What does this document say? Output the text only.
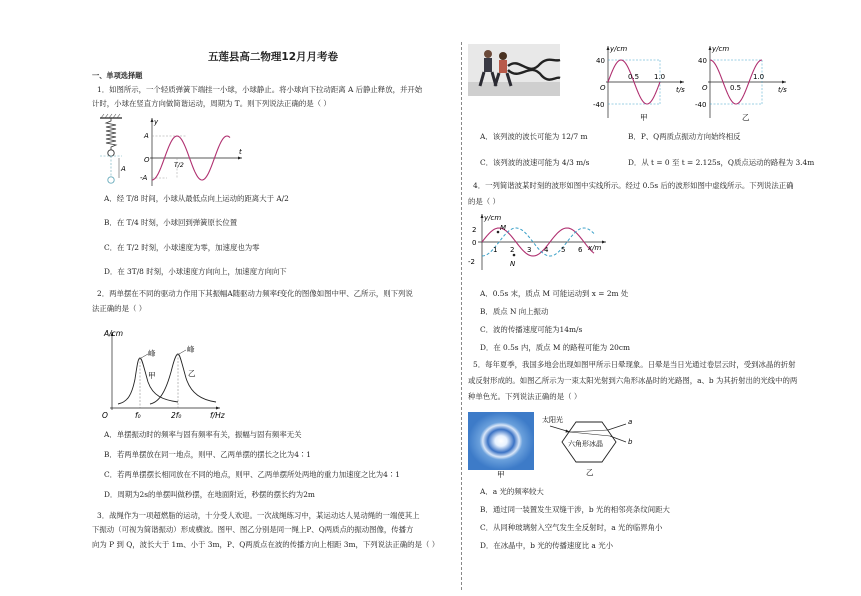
五莲县高二物理12月月考卷
一、单项选择题
1．如图所示，一个轻质弹簧下端挂一小球，小球静止。将小球向下拉动距离 A 后静止释放，并开始
计时，小球在竖直方向做简谐运动，周期为 T。则下列说法正确的是（ ）
A
y
t
A
-A
O
T/2
A．经 T/8 时间，小球从最低点向上运动的距离大于 A/2
B．在 T/4 时刻，小球回到弹簧原长位置
C．在 T/2 时刻，小球速度为零，加速度也为零
D．在 3T/8 时刻，小球速度方向向上，加速度方向向下
2．两单摆在不同的驱动力作用下其振幅A随驱动力频率f变化的图像如图中甲、乙所示，则下列说
法正确的是（ ）
A/cm
f/Hz
O
峰	峰
甲	乙
f₀	2f₀
A．单摆振动时的频率与固有频率有关，振幅与固有频率无关
B．若两单摆放在同一地点，则甲、乙两单摆的摆长之比为4∶1
C．若两单摆摆长相同放在不同的地点，则甲、乙两单摆所处两地的重力加速度之比为4∶1
D．周期为2s的单摆叫做秒摆，在地面附近，秒摆的摆长约为2m
3．战绳作为一项超燃脂的运动，十分受人欢迎。一次战绳练习中，某运动达人晃动绳的一端使其上
下振动（可视为简谐振动）形成横波。图甲、图乙分别是同一绳上P、Q两质点的振动图像，传播方
向为 P 到 Q，波长大于 1m、小于 3m，P、Q两质点在波的传播方向上相距 3m，下列说法正确的是（ ）
y/cm
t/s
40
-40
O
0.5 1.0
甲
y/cm
t/s
40
-40
O	0.5
1.0
乙
A．该列波的波长可能为 12/7 m	B．P、Q两质点振动方向始终相反
C．该列波的波速可能为 4/3 m/s	D．从 t = 0 至 t = 2.125s，Q质点运动的路程为 3.4m
4．一列简谐波某时刻的波形如图中实线所示。经过 0.5s 后的波形如图中虚线所示。下列说法正确
的是（ ）
y/cm
x/m
2
0
-2
1 2 3 4 5 6
M
N
A．0.5s 末，质点 M 可能运动到 x = 2m 处
B．质点 N 向上振动
C．波的传播速度可能为14m/s
D．在 0.5s 内，质点 M 的路程可能为 20cm
5．每年夏季，我国多地会出现如图甲所示日晕现象。日晕是当日光通过卷层云时，受到冰晶的折射
或反射形成的。如图乙所示为一束太阳光射到六角形冰晶时的光路图，a、b 为其折射出的光线中的两
种单色光。下列说法正确的是（ ）
甲
太阳光	a
b
六角形冰晶
乙
A．a 光的频率较大
B．通过同一装置发生双缝干涉，b 光的相邻亮条纹间距大
C．从同种玻璃射入空气发生全反射时，a 光的临界角小
D．在冰晶中，b 光的传播速度比 a 光小
